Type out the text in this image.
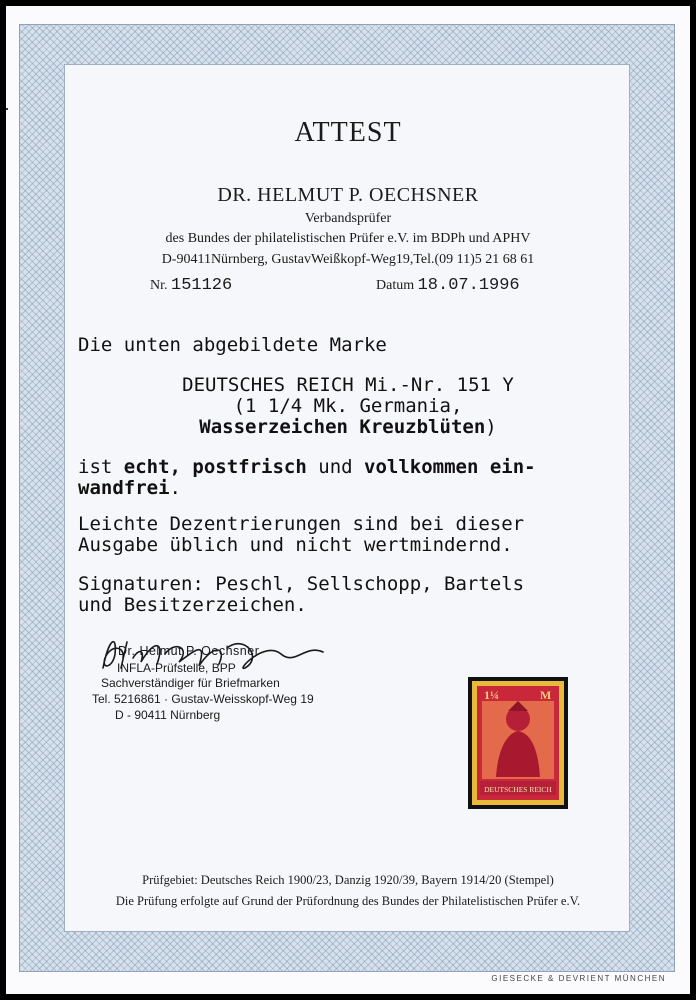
ATTEST
DR. HELMUT P. OECHSNER
Verbandsprüfer
des Bundes der philatelistischen Prüfer e.V. im BDPh und APHV
D-90411Nürnberg, GustavWeißkopf-Weg19,Tel.(09 11)5 21 68 61
Nr. 151126	Datum 18.07.1996
Die unten abgebildete Marke
DEUTSCHES REICH Mi.-Nr. 151 Y
(1 1/4 Mk. Germania,
Wasserzeichen Kreuzblüten)
ist echt, postfrisch und vollkommen ein-
wandfrei.
Leichte Dezentrierungen sind bei dieser
Ausgabe üblich und nicht wertmindernd.
Signaturen: Peschl, Sellschopp, Bartels
und Besitzerzeichen.
Dr. Helmut P. Oechsner
INFLA-Prüfstelle, BPP
Sachverständiger für Briefmarken
Tel. 5216861 · Gustav-Weisskopf-Weg 19
D - 90411 Nürnberg
1¼	M
DEUTSCHES REICH
Prüfgebiet: Deutsches Reich 1900/23, Danzig 1920/39, Bayern 1914/20 (Stempel)
Die Prüfung erfolgte auf Grund der Prüfordnung des Bundes der Philatelistischen Prüfer e.V.
GIESECKE & DEVRIENT MÜNCHEN
